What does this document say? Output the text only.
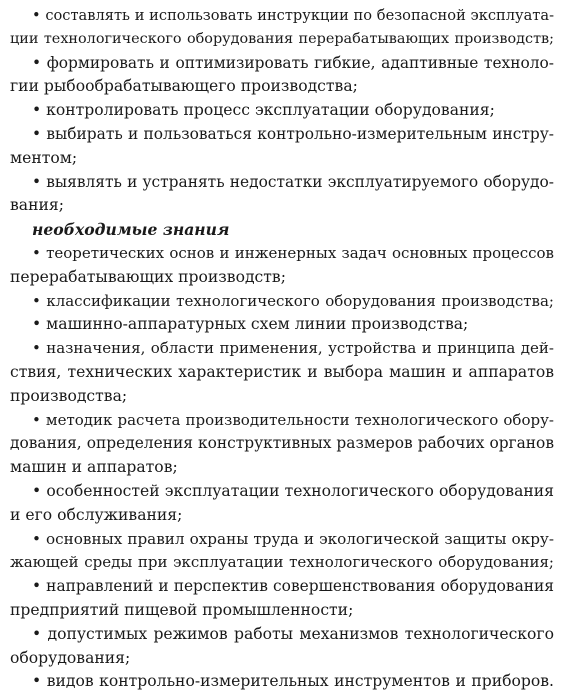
• составлять и использовать инструкции по безопасной эксплуата-
ции технологического оборудования перерабатывающих производств;
• формировать и оптимизировать гибкие, адаптивные техноло-
гии рыбообрабатывающего производства;
• контролировать процесс эксплуатации оборудования;
• выбирать и пользоваться контрольно-измерительным инстру-
ментом;
• выявлять и устранять недостатки эксплуатируемого оборудо-
вания;
необходимые знания
• теоретических основ и инженерных задач основных процессов
перерабатывающих производств;
• классификации технологического оборудования производства;
• машинно-аппаратурных схем линии производства;
• назначения, области применения, устройства и принципа дей-
ствия, технических характеристик и выбора машин и аппаратов
производства;
• методик расчета производительности технологического обору-
дования, определения конструктивных размеров рабочих органов
машин и аппаратов;
• особенностей эксплуатации технологического оборудования
и его обслуживания;
• основных правил охраны труда и экологической защиты окру-
жающей среды при эксплуатации технологического оборудования;
• направлений и перспектив совершенствования оборудования
предприятий пищевой промышленности;
• допустимых режимов работы механизмов технологического
оборудования;
• видов контрольно-измерительных инструментов и приборов.
